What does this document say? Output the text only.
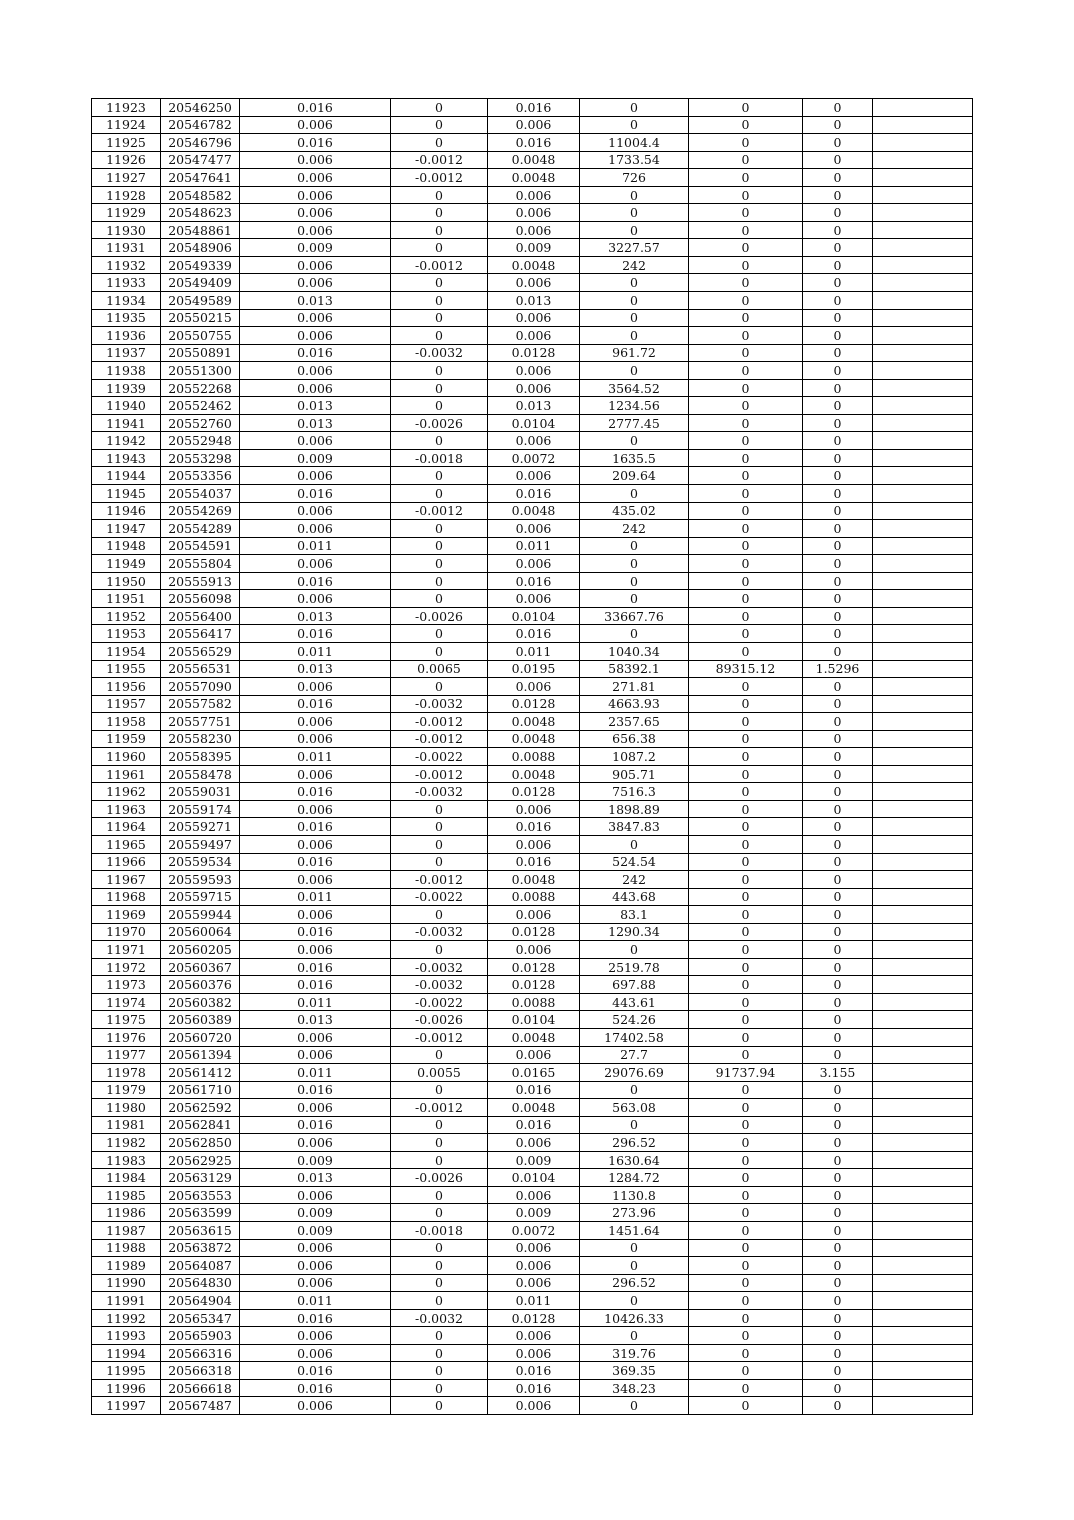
11923	20546250	0.016	0	0.016	0	0	0	
11924	20546782	0.006	0	0.006	0	0	0	
11925	20546796	0.016	0	0.016	11004.4	0	0	
11926	20547477	0.006	-0.0012	0.0048	1733.54	0	0	
11927	20547641	0.006	-0.0012	0.0048	726	0	0	
11928	20548582	0.006	0	0.006	0	0	0	
11929	20548623	0.006	0	0.006	0	0	0	
11930	20548861	0.006	0	0.006	0	0	0	
11931	20548906	0.009	0	0.009	3227.57	0	0	
11932	20549339	0.006	-0.0012	0.0048	242	0	0	
11933	20549409	0.006	0	0.006	0	0	0	
11934	20549589	0.013	0	0.013	0	0	0	
11935	20550215	0.006	0	0.006	0	0	0	
11936	20550755	0.006	0	0.006	0	0	0	
11937	20550891	0.016	-0.0032	0.0128	961.72	0	0	
11938	20551300	0.006	0	0.006	0	0	0	
11939	20552268	0.006	0	0.006	3564.52	0	0	
11940	20552462	0.013	0	0.013	1234.56	0	0	
11941	20552760	0.013	-0.0026	0.0104	2777.45	0	0	
11942	20552948	0.006	0	0.006	0	0	0	
11943	20553298	0.009	-0.0018	0.0072	1635.5	0	0	
11944	20553356	0.006	0	0.006	209.64	0	0	
11945	20554037	0.016	0	0.016	0	0	0	
11946	20554269	0.006	-0.0012	0.0048	435.02	0	0	
11947	20554289	0.006	0	0.006	242	0	0	
11948	20554591	0.011	0	0.011	0	0	0	
11949	20555804	0.006	0	0.006	0	0	0	
11950	20555913	0.016	0	0.016	0	0	0	
11951	20556098	0.006	0	0.006	0	0	0	
11952	20556400	0.013	-0.0026	0.0104	33667.76	0	0	
11953	20556417	0.016	0	0.016	0	0	0	
11954	20556529	0.011	0	0.011	1040.34	0	0	
11955	20556531	0.013	0.0065	0.0195	58392.1	89315.12	1.5296	
11956	20557090	0.006	0	0.006	271.81	0	0	
11957	20557582	0.016	-0.0032	0.0128	4663.93	0	0	
11958	20557751	0.006	-0.0012	0.0048	2357.65	0	0	
11959	20558230	0.006	-0.0012	0.0048	656.38	0	0	
11960	20558395	0.011	-0.0022	0.0088	1087.2	0	0	
11961	20558478	0.006	-0.0012	0.0048	905.71	0	0	
11962	20559031	0.016	-0.0032	0.0128	7516.3	0	0	
11963	20559174	0.006	0	0.006	1898.89	0	0	
11964	20559271	0.016	0	0.016	3847.83	0	0	
11965	20559497	0.006	0	0.006	0	0	0	
11966	20559534	0.016	0	0.016	524.54	0	0	
11967	20559593	0.006	-0.0012	0.0048	242	0	0	
11968	20559715	0.011	-0.0022	0.0088	443.68	0	0	
11969	20559944	0.006	0	0.006	83.1	0	0	
11970	20560064	0.016	-0.0032	0.0128	1290.34	0	0	
11971	20560205	0.006	0	0.006	0	0	0	
11972	20560367	0.016	-0.0032	0.0128	2519.78	0	0	
11973	20560376	0.016	-0.0032	0.0128	697.88	0	0	
11974	20560382	0.011	-0.0022	0.0088	443.61	0	0	
11975	20560389	0.013	-0.0026	0.0104	524.26	0	0	
11976	20560720	0.006	-0.0012	0.0048	17402.58	0	0	
11977	20561394	0.006	0	0.006	27.7	0	0	
11978	20561412	0.011	0.0055	0.0165	29076.69	91737.94	3.155	
11979	20561710	0.016	0	0.016	0	0	0	
11980	20562592	0.006	-0.0012	0.0048	563.08	0	0	
11981	20562841	0.016	0	0.016	0	0	0	
11982	20562850	0.006	0	0.006	296.52	0	0	
11983	20562925	0.009	0	0.009	1630.64	0	0	
11984	20563129	0.013	-0.0026	0.0104	1284.72	0	0	
11985	20563553	0.006	0	0.006	1130.8	0	0	
11986	20563599	0.009	0	0.009	273.96	0	0	
11987	20563615	0.009	-0.0018	0.0072	1451.64	0	0	
11988	20563872	0.006	0	0.006	0	0	0	
11989	20564087	0.006	0	0.006	0	0	0	
11990	20564830	0.006	0	0.006	296.52	0	0	
11991	20564904	0.011	0	0.011	0	0	0	
11992	20565347	0.016	-0.0032	0.0128	10426.33	0	0	
11993	20565903	0.006	0	0.006	0	0	0	
11994	20566316	0.006	0	0.006	319.76	0	0	
11995	20566318	0.016	0	0.016	369.35	0	0	
11996	20566618	0.016	0	0.016	348.23	0	0	
11997	20567487	0.006	0	0.006	0	0	0	
